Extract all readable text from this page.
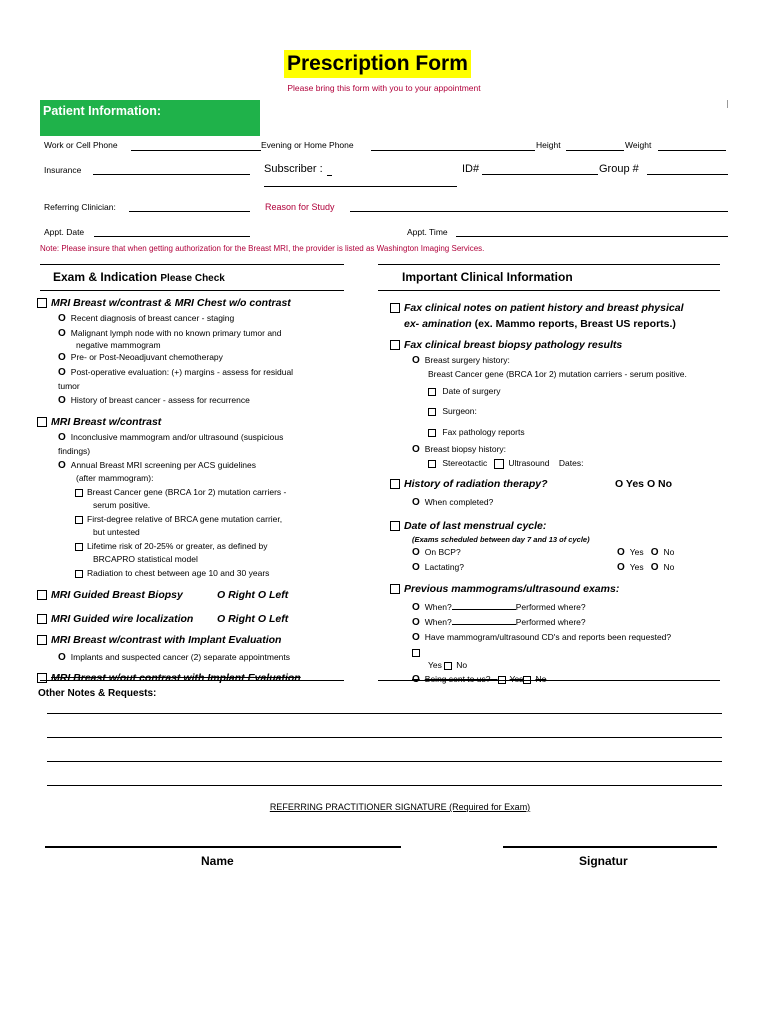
Prescription Form
Please bring this form with you to your appointment
Patient Information:
Work or Cell Phone	Evening or Home Phone	Height	Weight
Insurance	Subscriber :	ID#	Group #
Referring Clinician:	Reason for Study
Appt. Date	Appt. Time
Note: Please insure that when getting authorization for the Breast MRI, the provider is listed as Washington Imaging Services.
Exam & Indication Please Check	Important Clinical Information
MRI Breast w/contrast & MRI Chest w/o contrast
O Recent diagnosis of breast cancer - staging
O Malignant lymph node with no known primary tumor and
negative mammogram
O Pre- or Post-Neoadjuvant chemotherapy
O Post-operative evaluation: (+) margins - assess for residual
tumor
O History of breast cancer - assess for recurrence
MRI Breast w/contrast
O Inconclusive mammogram and/or ultrasound (suspicious
findings)
O Annual Breast MRI screening per ACS guidelines
(after mammogram):
Breast Cancer gene (BRCA 1or 2) mutation carriers -
serum positive.
First-degree relative of BRCA gene mutation carrier,
but untested
Lifetime risk of 20-25% or greater, as defined by
BRCAPRO statistical model
Radiation to chest between age 10 and 30 years
MRI Guided Breast Biopsy	O Right O Left
MRI Guided wire localization O Right O Left
MRI Breast w/contrast with Implant Evaluation
O Implants and suspected cancer (2) separate appointments
MRI Breast w/out contrast with Implant Evaluation
Fax clinical notes on patient history and breast physical
ex- amination (ex. Mammo reports, Breast US reports.)
Fax clinical breast biopsy pathology results
O Breast surgery history:
Breast Cancer gene (BRCA 1or 2) mutation carriers - serum positive.
Date of surgery
Surgeon:
Fax pathology reports
O Breast biopsy history:
Stereotactic Ultrasound Dates:
History of radiation therapy?	O Yes O No
O When completed?
Date of last menstrual cycle:
(Exams scheduled between day 7 and 13 of cycle)
O On BCP?	O Yes O No
O Lactating?	O Yes O No
Previous mammograms/ultrasound exams:
O When?	Performed where?
O When?	Performed where?
O Have mammogram/ultrasound CD's and reports been requested?
Yes No
O Being sent to us? Yes No
Other Notes & Requests:
REFERRING PRACTITIONER SIGNATURE (Required for Exam)
Name	Signatur
